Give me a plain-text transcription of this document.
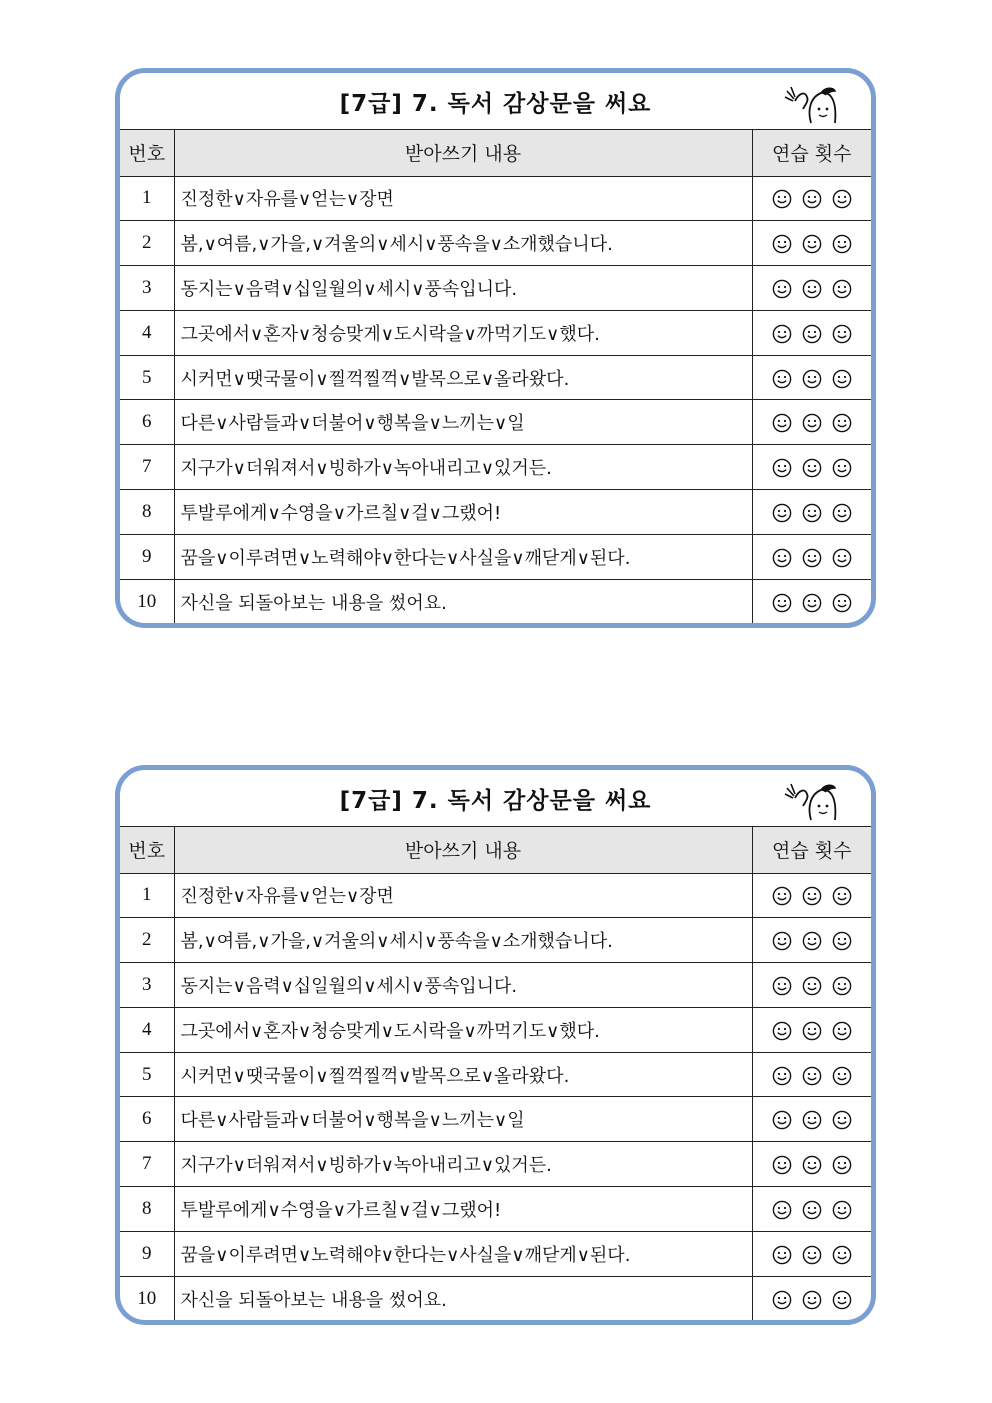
[7급] 7. 독서 감상문을 써요
번호	받아쓰기 내용	연습 횟수
1	진정한∨자유를∨얻는∨장면	
2	봄,∨여름,∨가을,∨겨울의∨세시∨풍속을∨소개했습니다.	
3	동지는∨음력∨십일월의∨세시∨풍속입니다.	
4	그곳에서∨혼자∨청승맞게∨도시락을∨까먹기도∨했다.	
5	시커먼∨땟국물이∨찔꺽찔꺽∨발목으로∨올라왔다.	
6	다른∨사람들과∨더불어∨행복을∨느끼는∨일	
7	지구가∨더워져서∨빙하가∨녹아내리고∨있거든.	
8	투발루에게∨수영을∨가르칠∨걸∨그랬어!	
9	꿈을∨이루려면∨노력해야∨한다는∨사실을∨깨닫게∨된다.	
10	자신을 되돌아보는 내용을 썼어요.	
[7급] 7. 독서 감상문을 써요
번호	받아쓰기 내용	연습 횟수
1	진정한∨자유를∨얻는∨장면	
2	봄,∨여름,∨가을,∨겨울의∨세시∨풍속을∨소개했습니다.	
3	동지는∨음력∨십일월의∨세시∨풍속입니다.	
4	그곳에서∨혼자∨청승맞게∨도시락을∨까먹기도∨했다.	
5	시커먼∨땟국물이∨찔꺽찔꺽∨발목으로∨올라왔다.	
6	다른∨사람들과∨더불어∨행복을∨느끼는∨일	
7	지구가∨더워져서∨빙하가∨녹아내리고∨있거든.	
8	투발루에게∨수영을∨가르칠∨걸∨그랬어!	
9	꿈을∨이루려면∨노력해야∨한다는∨사실을∨깨닫게∨된다.	
10	자신을 되돌아보는 내용을 썼어요.	
